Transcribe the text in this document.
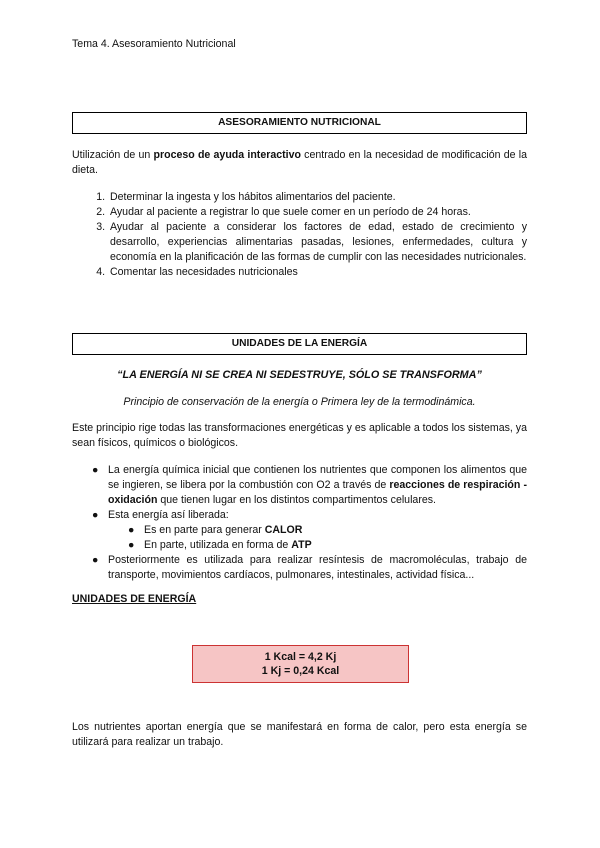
Tema 4. Asesoramiento Nutricional
ASESORAMIENTO NUTRICIONAL
Utilización de un proceso de ayuda interactivo centrado en la necesidad de modificación de la dieta.
1. Determinar la ingesta y los hábitos alimentarios del paciente.
2. Ayudar al paciente a registrar lo que suele comer en un período de 24 horas.
3. Ayudar al paciente a considerar los factores de edad, estado de crecimiento y desarrollo, experiencias alimentarias pasadas, lesiones, enfermedades, cultura y economía en la planificación de las formas de cumplir con las necesidades nutricionales.
4. Comentar las necesidades nutricionales
UNIDADES DE LA ENERGÍA
“LA ENERGÍA NI SE CREA NI SEDESTRUYE, SÓLO SE TRANSFORMA”
Principio de conservación de la energía o Primera ley de la termodinámica.
Este principio rige todas las transformaciones energéticas y es aplicable a todos los sistemas, ya sean físicos, químicos o biológicos.
● La energía química inicial que contienen los nutrientes que componen los alimentos que se ingieren, se libera por la combustión con O2 a través de reacciones de respiración - oxidación que tienen lugar en los distintos compartimentos celulares.
● Esta energía así liberada:
● Es en parte para generar CALOR
● En parte, utilizada en forma de ATP
● Posteriormente es utilizada para realizar resíntesis de macromoléculas, trabajo de transporte, movimientos cardíacos, pulmonares, intestinales, actividad física...
UNIDADES DE ENERGÍA
1 Kcal = 4,2 Kj
1 Kj = 0,24 Kcal
Los nutrientes aportan energía que se manifestará en forma de calor, pero esta energía se utilizará para realizar un trabajo.
